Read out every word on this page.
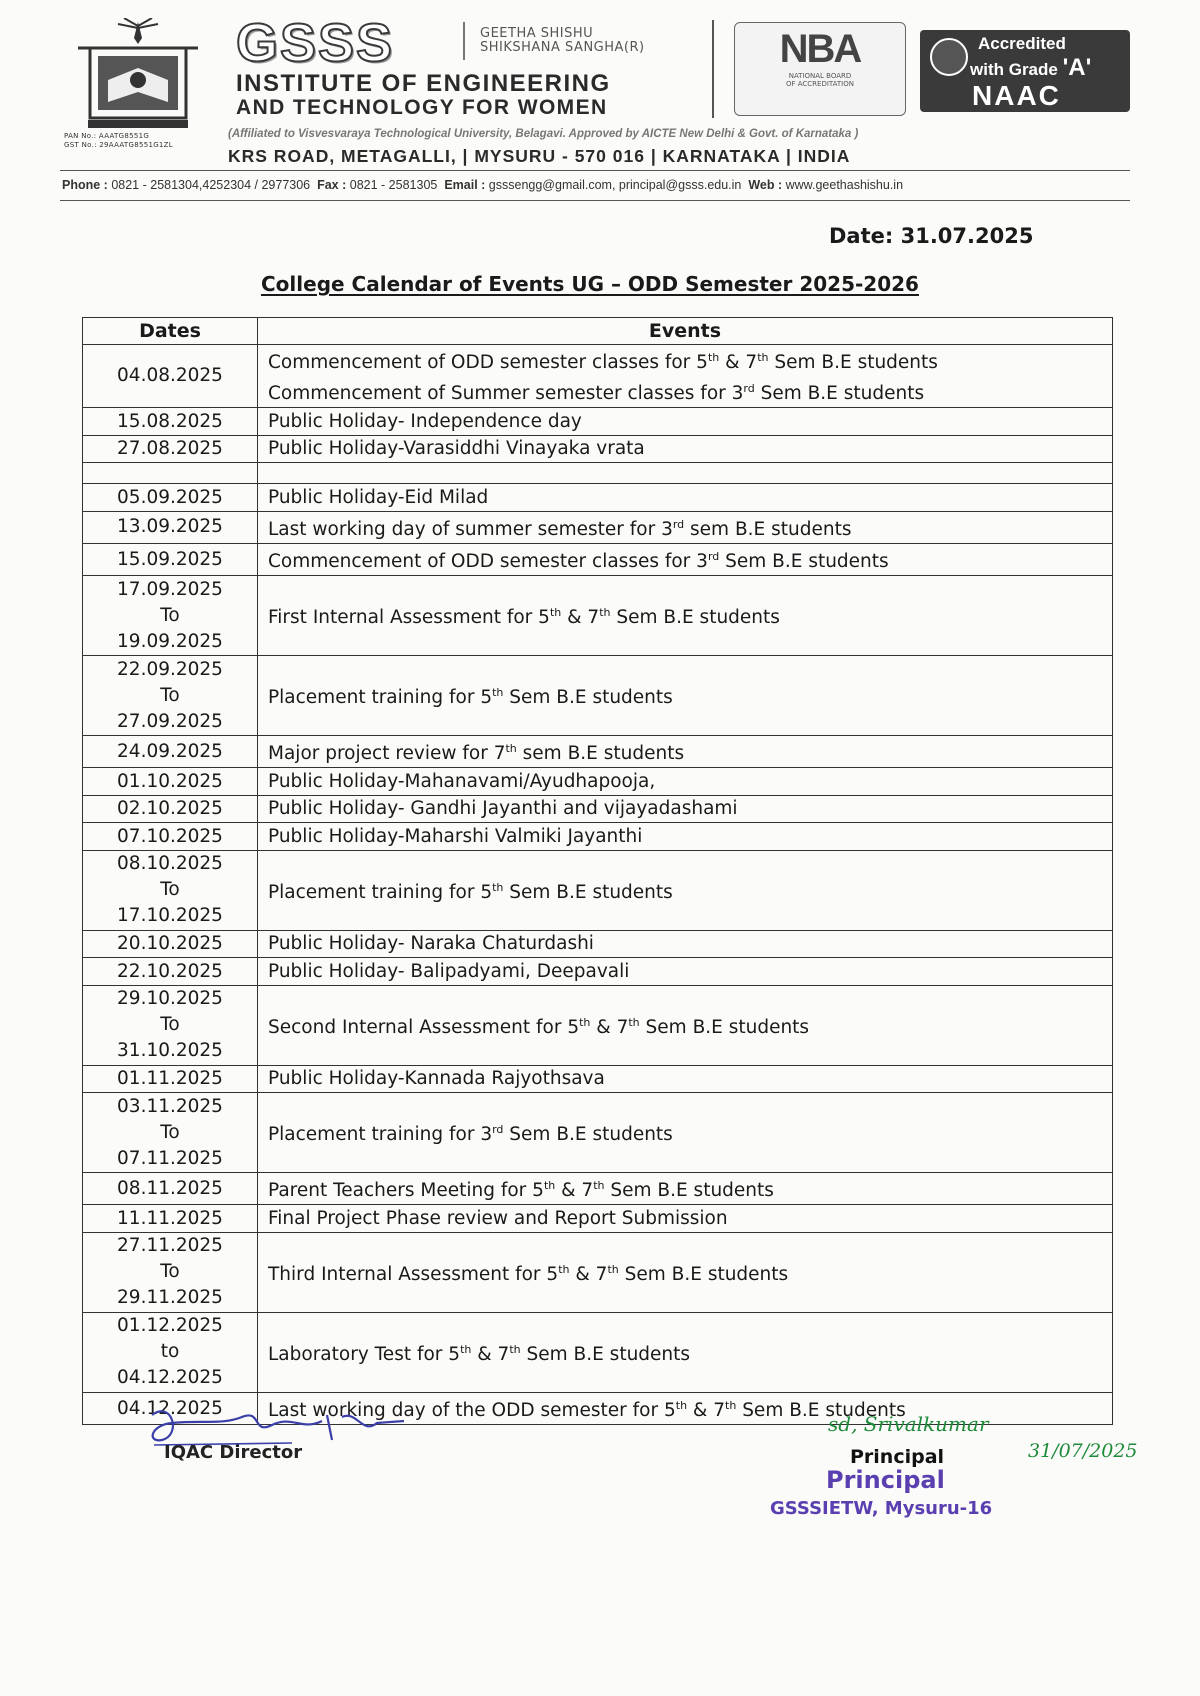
PAN No.: AAATG8551G
GST No.: 29AAATG8551G1ZL
GSSS	GEETHA SHISHU
SHIKSHANA SANGHA(R)
INSTITUTE OF ENGINEERING
AND TECHNOLOGY FOR WOMEN
NBA
NATIONAL BOARD
OF ACCREDITATION
Accredited
with Grade 'A'
NAAC
(Affiliated to Visvesvaraya Technological University, Belagavi. Approved by AICTE New Delhi & Govt. of Karnataka )
KRS ROAD, METAGALLI, | MYSURU - 570 016 | KARNATAKA | INDIA
Phone : 0821 - 2581304,4252304 / 2977306 Fax : 0821 - 2581305 Email : gsssengg@gmail.com, principal@gsss.edu.in Web : www.geethashishu.in
Date: 31.07.2025
College Calendar of Events UG – ODD Semester 2025-2026
Dates	Events
04.08.2025	Commencement of ODD semester classes for 5th & 7th Sem B.E students
Commencement of Summer semester classes for 3rd Sem B.E students

15.08.2025	Public Holiday- Independence day
27.08.2025	Public Holiday-Varasiddhi Vinayaka vrata

05.09.2025	Public Holiday-Eid Milad
13.09.2025	Last working day of summer semester for 3rd sem B.E students
15.09.2025	Commencement of ODD semester classes for 3rd Sem B.E students

17.09.2025
To
19.09.2025	First Internal Assessment for 5th & 7th Sem B.E students

22.09.2025
To
27.09.2025	Placement training for 5th Sem B.E students
24.09.2025	Major project review for 7th sem B.E students
01.10.2025	Public Holiday-Mahanavami/Ayudhapooja,
02.10.2025	Public Holiday- Gandhi Jayanthi and vijayadashami
07.10.2025	Public Holiday-Maharshi Valmiki Jayanthi

08.10.2025
To
17.10.2025	Placement training for 5th Sem B.E students
20.10.2025	Public Holiday- Naraka Chaturdashi
22.10.2025	Public Holiday- Balipadyami, Deepavali

29.10.2025
To
31.10.2025	Second Internal Assessment for 5th & 7th Sem B.E students
01.11.2025	Public Holiday-Kannada Rajyothsava

03.11.2025
To
07.11.2025	Placement training for 3rd Sem B.E students
08.11.2025	Parent Teachers Meeting for 5th & 7th Sem B.E students
11.11.2025	Final Project Phase review and Report Submission

27.11.2025
To
29.11.2025	Third Internal Assessment for 5th & 7th Sem B.E students

01.12.2025
to
04.12.2025	Laboratory Test for 5th & 7th Sem B.E students
04.12.2025	Last working day of the ODD semester for 5th & 7th Sem B.E students
IQAC Director
sd, Srivalkumar
31/07/2025
Principal
Principal
GSSSIETW, Mysuru-16
